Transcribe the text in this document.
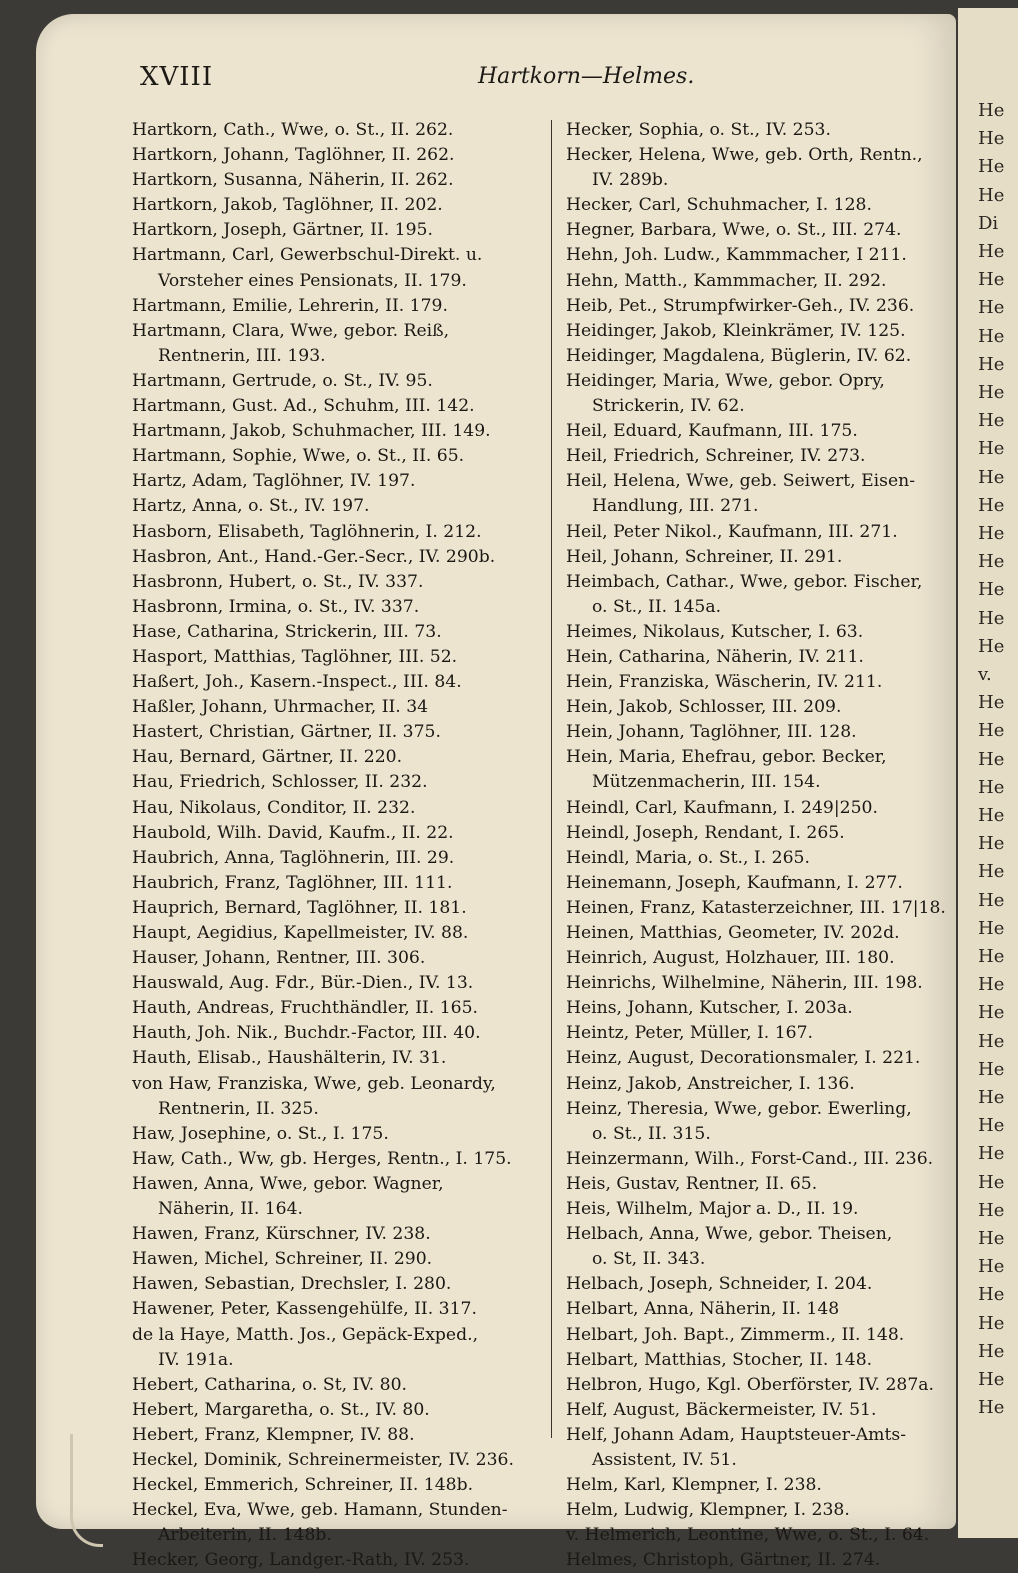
He
He
He
He
Di
He
He
He
He
He
He
He
He
He
He
He
He
He
He
He
v.
He
He
He
He
He
He
He
He
He
He
He
He
He
He
He
He
He
He
He
He
He
He
He
He
He
He
XVIII	Hartkorn—Helmes.
Hartkorn, Cath., Wwe, o. St., II. 262.
Hartkorn, Johann, Taglöhner, II. 262.
Hartkorn, Susanna, Näherin, II. 262.
Hartkorn, Jakob, Taglöhner, II. 202.
Hartkorn, Joseph, Gärtner, II. 195.
Hartmann, Carl, Gewerbschul-Direkt. u.
Vorsteher eines Pensionats, II. 179.
Hartmann, Emilie, Lehrerin, II. 179.
Hartmann, Clara, Wwe, gebor. Reiß,
Rentnerin, III. 193.
Hartmann, Gertrude, o. St., IV. 95.
Hartmann, Gust. Ad., Schuhm, III. 142.
Hartmann, Jakob, Schuhmacher, III. 149.
Hartmann, Sophie, Wwe, o. St., II. 65.
Hartz, Adam, Taglöhner, IV. 197.
Hartz, Anna, o. St., IV. 197.
Hasborn, Elisabeth, Taglöhnerin, I. 212.
Hasbron, Ant., Hand.-Ger.-Secr., IV. 290b.
Hasbronn, Hubert, o. St., IV. 337.
Hasbronn, Irmina, o. St., IV. 337.
Hase, Catharina, Strickerin, III. 73.
Hasport, Matthias, Taglöhner, III. 52.
Haßert, Joh., Kasern.-Inspect., III. 84.
Haßler, Johann, Uhrmacher, II. 34
Hastert, Christian, Gärtner, II. 375.
Hau, Bernard, Gärtner, II. 220.
Hau, Friedrich, Schlosser, II. 232.
Hau, Nikolaus, Conditor, II. 232.
Haubold, Wilh. David, Kaufm., II. 22.
Haubrich, Anna, Taglöhnerin, III. 29.
Haubrich, Franz, Taglöhner, III. 111.
Hauprich, Bernard, Taglöhner, II. 181.
Haupt, Aegidius, Kapellmeister, IV. 88.
Hauser, Johann, Rentner, III. 306.
Hauswald, Aug. Fdr., Bür.-Dien., IV. 13.
Hauth, Andreas, Fruchthändler, II. 165.
Hauth, Joh. Nik., Buchdr.-Factor, III. 40.
Hauth, Elisab., Haushälterin, IV. 31.
von Haw, Franziska, Wwe, geb. Leonardy,
Rentnerin, II. 325.
Haw, Josephine, o. St., I. 175.
Haw, Cath., Ww, gb. Herges, Rentn., I. 175.
Hawen, Anna, Wwe, gebor. Wagner,
Näherin, II. 164.
Hawen, Franz, Kürschner, IV. 238.
Hawen, Michel, Schreiner, II. 290.
Hawen, Sebastian, Drechsler, I. 280.
Hawener, Peter, Kassengehülfe, II. 317.
de la Haye, Matth. Jos., Gepäck-Exped.,
IV. 191a.
Hebert, Catharina, o. St, IV. 80.
Hebert, Margaretha, o. St., IV. 80.
Hebert, Franz, Klempner, IV. 88.
Heckel, Dominik, Schreinermeister, IV. 236.
Heckel, Emmerich, Schreiner, II. 148b.
Heckel, Eva, Wwe, geb. Hamann, Stunden-
Arbeiterin, II. 148b.
Hecker, Georg, Landger.-Rath, IV. 253.
Hecker, Sophia, o. St., IV. 253.
Hecker, Helena, Wwe, geb. Orth, Rentn.,
IV. 289b.
Hecker, Carl, Schuhmacher, I. 128.
Hegner, Barbara, Wwe, o. St., III. 274.
Hehn, Joh. Ludw., Kammmacher, I 211.
Hehn, Matth., Kammmacher, II. 292.
Heib, Pet., Strumpfwirker-Geh., IV. 236.
Heidinger, Jakob, Kleinkrämer, IV. 125.
Heidinger, Magdalena, Büglerin, IV. 62.
Heidinger, Maria, Wwe, gebor. Opry,
Strickerin, IV. 62.
Heil, Eduard, Kaufmann, III. 175.
Heil, Friedrich, Schreiner, IV. 273.
Heil, Helena, Wwe, geb. Seiwert, Eisen-
Handlung, III. 271.
Heil, Peter Nikol., Kaufmann, III. 271.
Heil, Johann, Schreiner, II. 291.
Heimbach, Cathar., Wwe, gebor. Fischer,
o. St., II. 145a.
Heimes, Nikolaus, Kutscher, I. 63.
Hein, Catharina, Näherin, IV. 211.
Hein, Franziska, Wäscherin, IV. 211.
Hein, Jakob, Schlosser, III. 209.
Hein, Johann, Taglöhner, III. 128.
Hein, Maria, Ehefrau, gebor. Becker,
Mützenmacherin, III. 154.
Heindl, Carl, Kaufmann, I. 249|250.
Heindl, Joseph, Rendant, I. 265.
Heindl, Maria, o. St., I. 265.
Heinemann, Joseph, Kaufmann, I. 277.
Heinen, Franz, Katasterzeichner, III. 17|18.
Heinen, Matthias, Geometer, IV. 202d.
Heinrich, August, Holzhauer, III. 180.
Heinrichs, Wilhelmine, Näherin, III. 198.
Heins, Johann, Kutscher, I. 203a.
Heintz, Peter, Müller, I. 167.
Heinz, August, Decorationsmaler, I. 221.
Heinz, Jakob, Anstreicher, I. 136.
Heinz, Theresia, Wwe, gebor. Ewerling,
o. St., II. 315.
Heinzermann, Wilh., Forst-Cand., III. 236.
Heis, Gustav, Rentner, II. 65.
Heis, Wilhelm, Major a. D., II. 19.
Helbach, Anna, Wwe, gebor. Theisen,
o. St, II. 343.
Helbach, Joseph, Schneider, I. 204.
Helbart, Anna, Näherin, II. 148
Helbart, Joh. Bapt., Zimmerm., II. 148.
Helbart, Matthias, Stocher, II. 148.
Helbron, Hugo, Kgl. Oberförster, IV. 287a.
Helf, August, Bäckermeister, IV. 51.
Helf, Johann Adam, Hauptsteuer-Amts-
Assistent, IV. 51.
Helm, Karl, Klempner, I. 238.
Helm, Ludwig, Klempner, I. 238.
v. Helmerich, Leontine, Wwe, o. St., I. 64.
Helmes, Christoph, Gärtner, II. 274.
